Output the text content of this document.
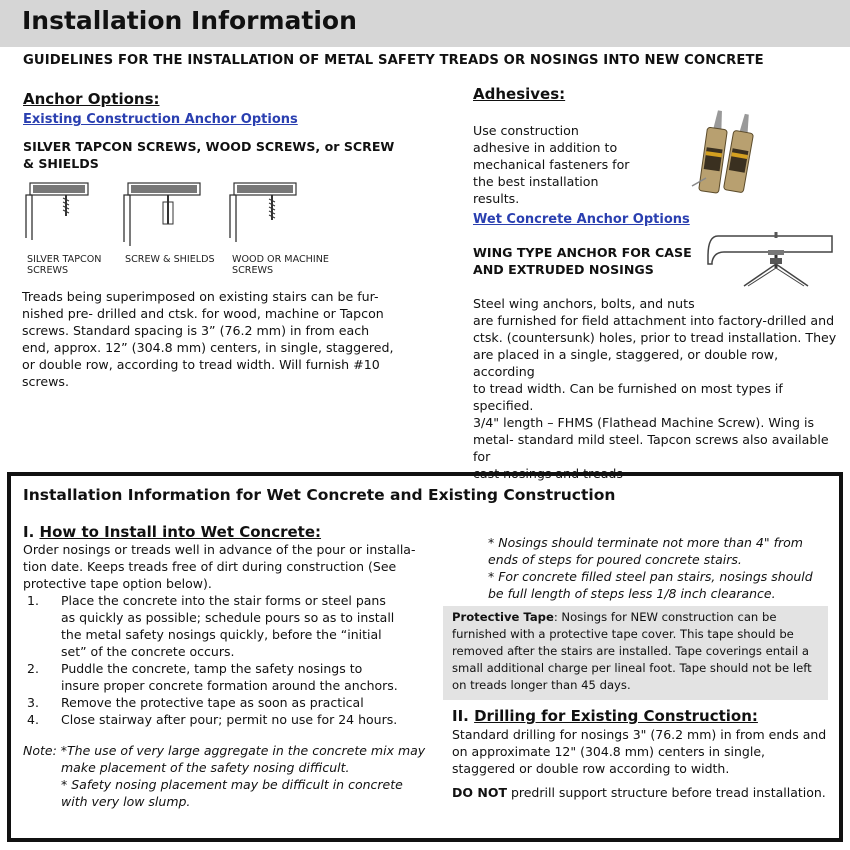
Installation Information
GUIDELINES FOR THE INSTALLATION OF METAL SAFETY TREADS OR NOSINGS INTO NEW CONCRETE
Anchor Options:
Existing Construction Anchor Options
SILVER TAPCON SCREWS, WOOD SCREWS, or SCREW & SHIELDS
SILVER TAPCON SCREWS
SCREW & SHIELDS	WOOD OR MACHINE SCREWS
Treads being superimposed on existing stairs can be fur-nished pre- drilled and ctsk. for wood, machine or Tapcon screws. Standard spacing is 3” (76.2 mm) in from each end, approx. 12” (304.8 mm) centers, in single, staggered, or double row, according to tread width. Will furnish #10 screws.
Adhesives:
Use construction adhesive in addition to mechanical fasteners for the best installation results.
Wet Concrete Anchor Options
WING TYPE ANCHOR FOR CASE AND EXTRUDED NOSINGS
Steel wing anchors, bolts, and nuts
are furnished for field attachment into factory-drilled and
ctsk. (countersunk) holes, prior to tread installation. They
are placed in a single, staggered, or double row, according
to tread width. Can be furnished on most types if specified.
3/4" length – FHMS (Flathead Machine Screw). Wing is
metal- standard mild steel. Tapcon screws also available for
cast nosings and treads
Installation Information for Wet Concrete and Existing Construction
I. How to Install into Wet Concrete:
Order nosings or treads well in advance of the pour or installa-tion date. Keeps treads free of dirt during construction (See protective tape option below).
1. Place the concrete into the stair forms or steel pans as quickly as possible; schedule pours so as to install the metal safety nosings quickly, before the “initial set” of the concrete occurs.
2. Puddle the concrete, tamp the safety nosings to insure proper concrete formation around the anchors.
3. Remove the protective tape as soon as practical
4. Close stairway after pour; permit no use for 24 hours.
Note: *The use of very large aggregate in the concrete mix may
make placement of the safety nosing difficult.
* Safety nosing placement may be difficult in concrete
with very low slump.
* Nosings should terminate not more than 4" from
ends of steps for poured concrete stairs.
* For concrete filled steel pan stairs, nosings should
be full length of steps less 1/8 inch clearance.
Protective Tape: Nosings for NEW construction can be furnished with a protective tape cover. This tape should be removed after the stairs are installed. Tape coverings entail a small additional charge per lineal foot. Tape should not be left on treads longer than 45 days.
II. Drilling for Existing Construction:
Standard drilling for nosings 3" (76.2 mm) in from ends and on approximate 12" (304.8 mm) centers in single, staggered or double row according to width.
DO NOT predrill support structure before tread installation.
